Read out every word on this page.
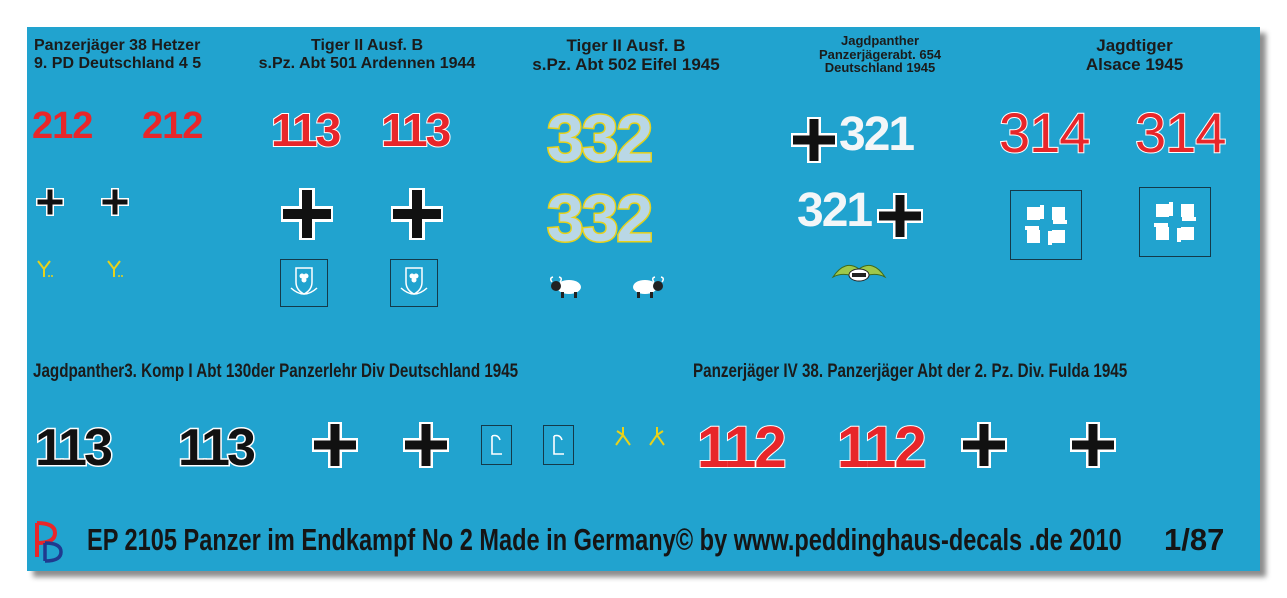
Panzerjäger 38 Hetzer
9. PD Deutschland 4 5
Tiger II Ausf. B
s.Pz. Abt 501 Ardennen 1944
Tiger II Ausf. B
s.Pz. Abt 502 Eifel 1945
Jagdpanther
Panzerjägerabt. 654
Deutschland 1945
Jagdtiger
Alsace 1945
212 212 113 113 332
332
321
321
314 314
Jagdpanther3. Komp I Abt 130der Panzerlehr Div Deutschland 1945	Panzerjäger IV 38. Panzerjäger Abt der 2. Pz. Div. Fulda 1945
113 113	112 112
EP 2105 Panzer im Endkampf No 2 Made in Germany© by www.peddinghaus-decals .de 2010 1/87
